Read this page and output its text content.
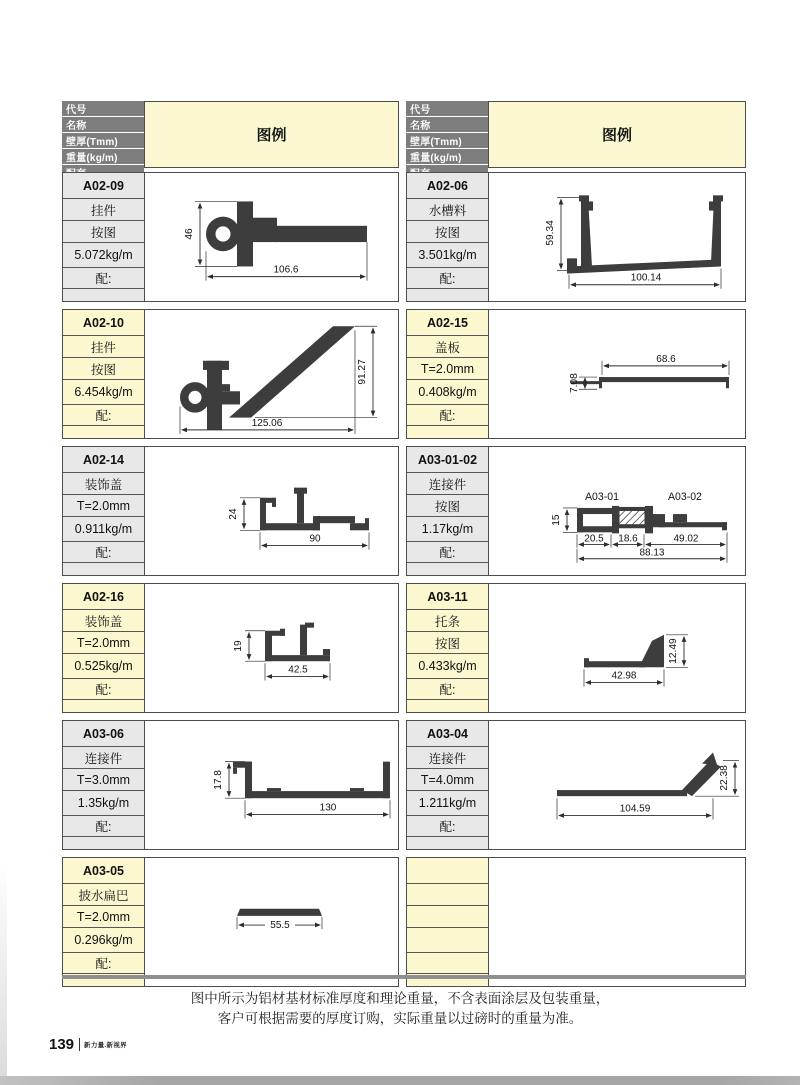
代号
名称
壁厚(Tmm)
重量(kg/m)
图例
A02-09
挂件
按图
5.072kg/m
配:
46
106.6
A02-10
挂件
按图
6.454kg/m
配:
91.27
125.06
A02-14
装饰盖
T=2.0mm
0.911kg/m
配:
24
90
A02-16
装饰盖
T=2.0mm
0.525kg/m
配:
19
42.5
A03-06
连接件
T=3.0mm
1.35kg/m
配:
17.8
130
A03-05
披水扁巴
T=2.0mm
0.296kg/m
配:
55.5
代号
名称
壁厚(Tmm)
重量(kg/m)
图例
A02-06
水槽料
按图
3.501kg/m
配:
59.34
100.14
A02-15
盖板
T=2.0mm
0.408kg/m
配:
7.08
68.6
A03-01-02
连接件
按图
1.17kg/m
配:
A03-01	A03-02
15
20.5 18.6	49.02
88.13
A03-11
托条
按图
0.433kg/m
配:
12.49
42.98
A03-04
连接件
T=4.0mm
1.211kg/m
配:
22.38
104.59
图中所示为铝材基材标准厚度和理论重量，不含表面涂层及包装重量，
客户可根据需要的厚度订购，实际重量以过磅时的重量为准。
139 新力量.新视界
